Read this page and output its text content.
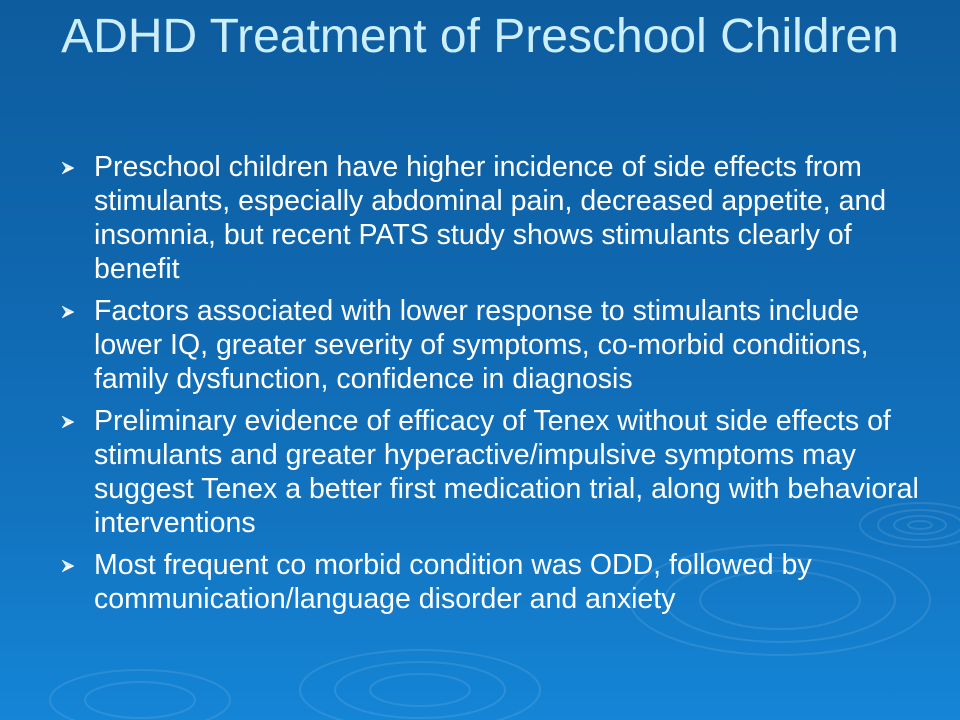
ADHD Treatment of Preschool Children
Preschool children have higher incidence of side effects from stimulants, especially abdominal pain, decreased appetite, and insomnia, but recent PATS study shows stimulants clearly of benefit
Factors associated with lower response to stimulants include lower IQ, greater severity of symptoms, co-morbid conditions, family dysfunction, confidence in diagnosis
Preliminary evidence of efficacy of Tenex without side effects of stimulants and greater hyperactive/impulsive symptoms may suggest Tenex a better first medication trial, along with behavioral interventions
Most frequent co morbid condition was ODD, followed by communication/language disorder and anxiety
